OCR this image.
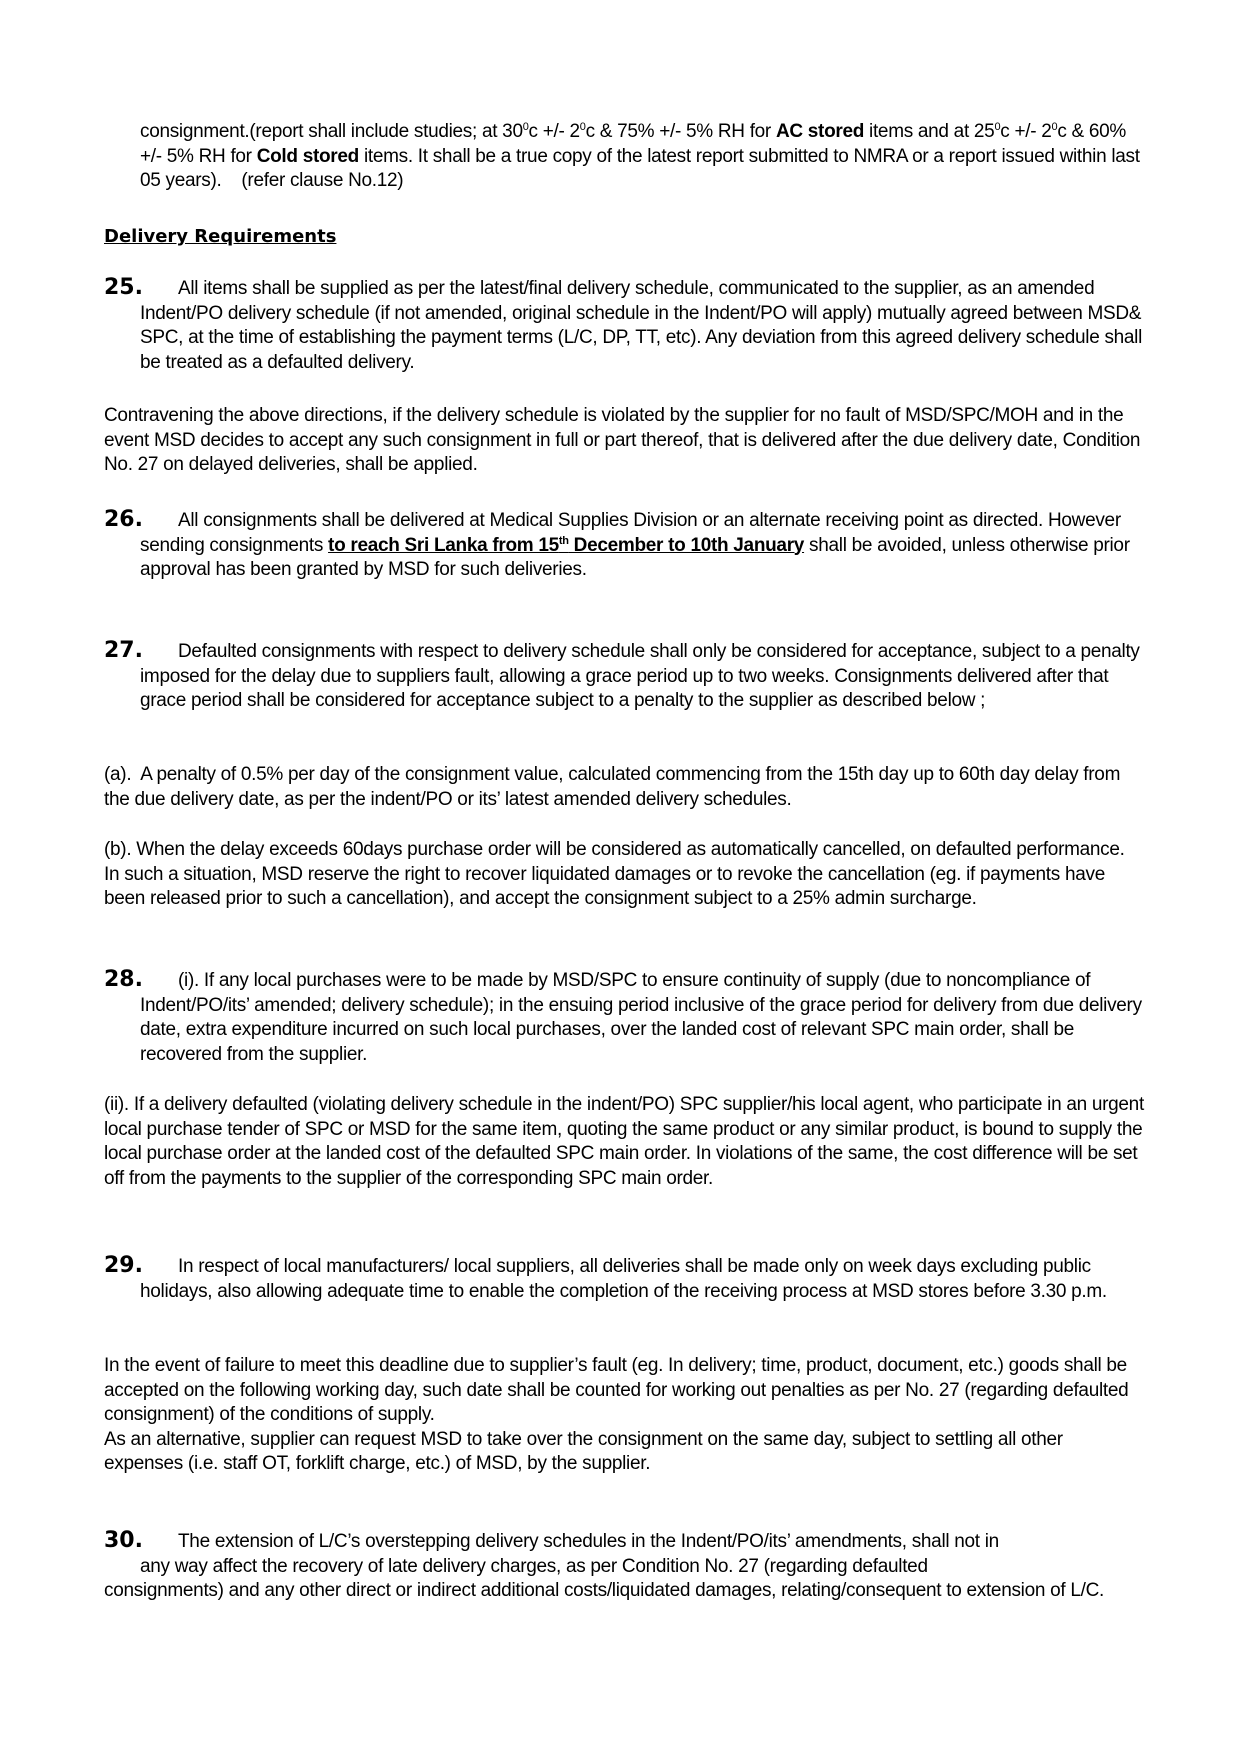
consignment.(report shall include studies; at $30^0c$ +/- $2^0c$ & 75% +/- 5% RH for AC stored items and at $25^0c$ +/- $2^0c$ & 60% +/- 5% RH for Cold stored items. It shall be a true copy of the latest report submitted to NMRA or a report issued within last 05 years).    (refer clause No.12)

Delivery Requirements

25. All items shall be supplied as per the latest/final delivery schedule, communicated to the supplier, as an amended Indent/PO delivery schedule (if not amended, original schedule in the Indent/PO will apply) mutually agreed between MSD& SPC, at the time of establishing the payment terms (L/C, DP, TT, etc). Any deviation from this agreed delivery schedule shall be treated as a defaulted delivery.

Contravening the above directions, if the delivery schedule is violated by the supplier for no fault of MSD/SPC/MOH and in the event MSD decides to accept any such consignment in full or part thereof, that is delivered after the due delivery date, Condition No. 27 on delayed deliveries, shall be applied.

26. All consignments shall be delivered at Medical Supplies Division or an alternate receiving point as directed. However sending consignments to reach Sri Lanka from 15th December to 10th January shall be avoided, unless otherwise prior approval has been granted by MSD for such deliveries.

27. Defaulted consignments with respect to delivery schedule shall only be considered for acceptance, subject to a penalty imposed for the delay due to suppliers fault, allowing a grace period up to two weeks. Consignments delivered after that grace period shall be considered for acceptance subject to a penalty to the supplier as described below ;

(a).  A penalty of 0.5% per day of the consignment value, calculated commencing from the 15th day up to 60th day delay from the due delivery date, as per the indent/PO or its’ latest amended delivery schedules.

(b). When the delay exceeds 60days purchase order will be considered as automatically cancelled, on defaulted performance. In such a situation, MSD reserve the right to recover liquidated damages or to revoke the cancellation (eg. if payments have been released prior to such a cancellation), and accept the consignment subject to a 25% admin surcharge.

28. (i). If any local purchases were to be made by MSD/SPC to ensure continuity of supply (due to noncompliance of Indent/PO/its’ amended; delivery schedule); in the ensuing period inclusive of the grace period for delivery from due delivery date, extra expenditure incurred on such local purchases, over the landed cost of relevant SPC main order, shall be recovered from the supplier.

(ii). If a delivery defaulted (violating delivery schedule in the indent/PO) SPC supplier/his local agent, who participate in an urgent local purchase tender of SPC or MSD for the same item, quoting the same product or any similar product, is bound to supply the local purchase order at the landed cost of the defaulted SPC main order. In violations of the same, the cost difference will be set off from the payments to the supplier of the corresponding SPC main order.

29. In respect of local manufacturers/ local suppliers, all deliveries shall be made only on week days excluding public holidays, also allowing adequate time to enable the completion of the receiving process at MSD stores before 3.30 p.m.

In the event of failure to meet this deadline due to supplier’s fault (eg. In delivery; time, product, document, etc.) goods shall be accepted on the following working day, such date shall be counted for working out penalties as per No. 27 (regarding defaulted consignment) of the conditions of supply.

As an alternative, supplier can request MSD to take over the consignment on the same day, subject to settling all other expenses (i.e. staff OT, forklift charge, etc.) of MSD, by the supplier.

30. The extension of L/C’s overstepping delivery schedules in the Indent/PO/its’ amendments, shall not in

any way affect the recovery of late delivery charges, as per Condition No. 27 (regarding defaulted

consignments) and any other direct or indirect additional costs/liquidated damages, relating/consequent to extension of L/C.
